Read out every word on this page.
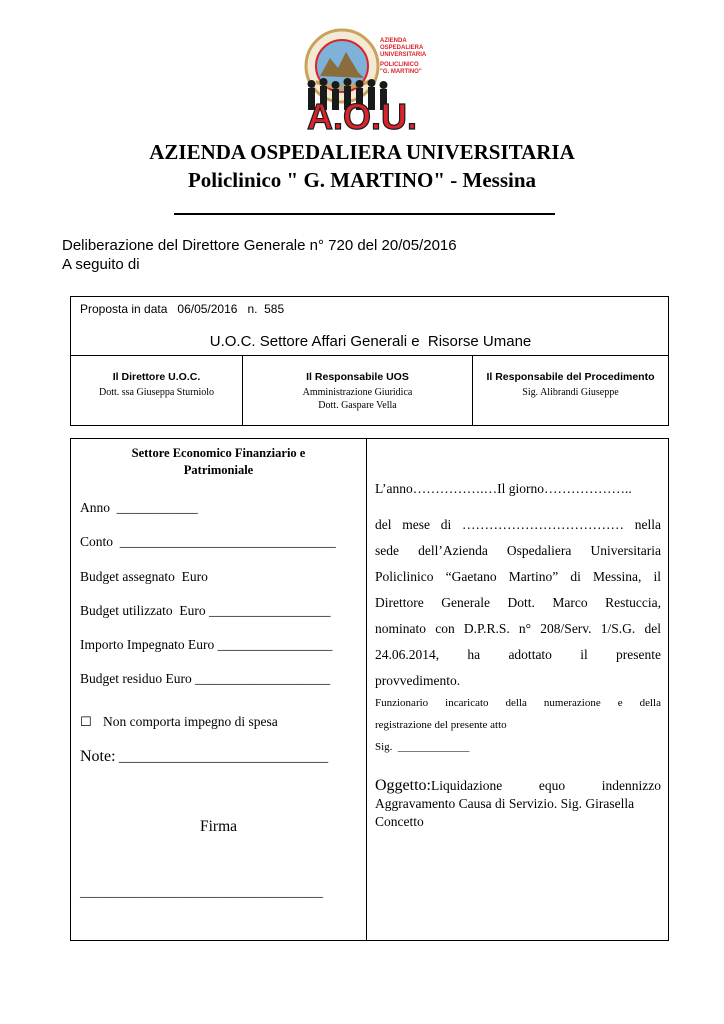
AZIENDA
OSPEDALIERA
UNIVERSITARIA
POLICLINICO
"G. MARTINO"
A.O.U.
AZIENDA OSPEDALIERA UNIVERSITARIA
Policlinico " G. MARTINO" - Messina
Deliberazione del Direttore Generale n° 720 del 20/05/2016
A seguito di
Proposta in data   06/05/2016   n.  585
U.O.C. Settore Affari Generali e  Risorse Umane
Il Direttore U.O.C.
Dott. ssa Giuseppa Sturniolo
Il Responsabile UOS
Amministrazione Giuridica
Dott. Gaspare Vella
Il Responsabile del Procedimento
Sig. Alibrandi Giuseppe
Settore Economico Finanziario e
Patrimoniale
Anno  ____________
Conto  ________________________________
Budget assegnato  Euro
Budget utilizzato  Euro __________________
Importo Impegnato Euro _________________
Budget residuo Euro ____________________
☐ Non comporta impegno di spesa
Note: _______________________________
Firma
____________________________________
L’anno…………….…Il giorno………………..
del mese di ……………………………… nella
sede dell’Azienda Ospedaliera Universitaria
Policlinico “Gaetano Martino” di Messina, il
Direttore Generale Dott. Marco Restuccia,
nominato con D.P.R.S. n° 208/Serv. 1/S.G. del
24.06.2014, ha adottato il presente
provvedimento.
Funzionario incaricato della numerazione e della
registrazione del presente atto
Sig.  _____________
Oggetto:Liquidazione equo indennizzo
Aggravamento Causa di Servizio. Sig. Girasella
Concetto
